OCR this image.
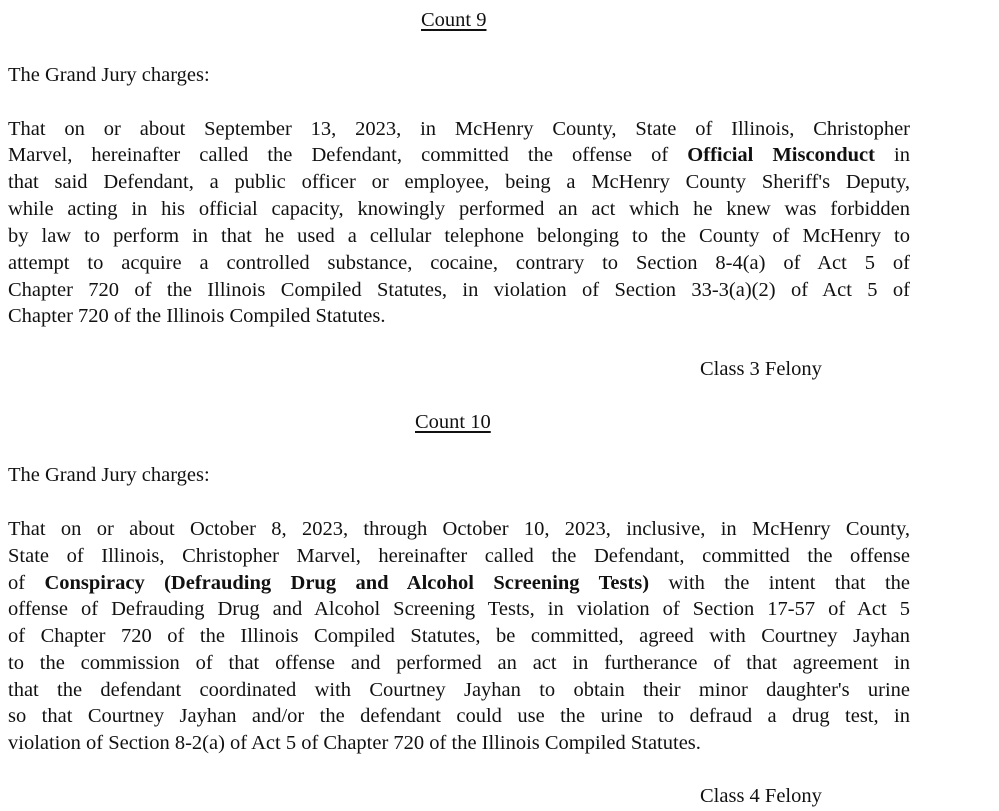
Count 9
The Grand Jury charges:
That on or about September 13, 2023, in McHenry County, State of Illinois, Christopher
Marvel, hereinafter called the Defendant, committed the offense of Official Misconduct in
that said Defendant, a public officer or employee, being a McHenry County Sheriff's Deputy,
while acting in his official capacity, knowingly performed an act which he knew was forbidden
by law to perform in that he used a cellular telephone belonging to the County of McHenry to
attempt to acquire a controlled substance, cocaine, contrary to Section 8-4(a) of Act 5 of
Chapter 720 of the Illinois Compiled Statutes, in violation of Section 33-3(a)(2) of Act 5 of
Chapter 720 of the Illinois Compiled Statutes.
Class 3 Felony
Count 10
The Grand Jury charges:
That on or about October 8, 2023, through October 10, 2023, inclusive, in McHenry County,
State of Illinois, Christopher Marvel, hereinafter called the Defendant, committed the offense
of Conspiracy (Defrauding Drug and Alcohol Screening Tests) with the intent that the
offense of Defrauding Drug and Alcohol Screening Tests, in violation of Section 17-57 of Act 5
of Chapter 720 of the Illinois Compiled Statutes, be committed, agreed with Courtney Jayhan
to the commission of that offense and performed an act in furtherance of that agreement in
that the defendant coordinated with Courtney Jayhan to obtain their minor daughter's urine
so that Courtney Jayhan and/or the defendant could use the urine to defraud a drug test, in
violation of Section 8-2(a) of Act 5 of Chapter 720 of the Illinois Compiled Statutes.
Class 4 Felony
